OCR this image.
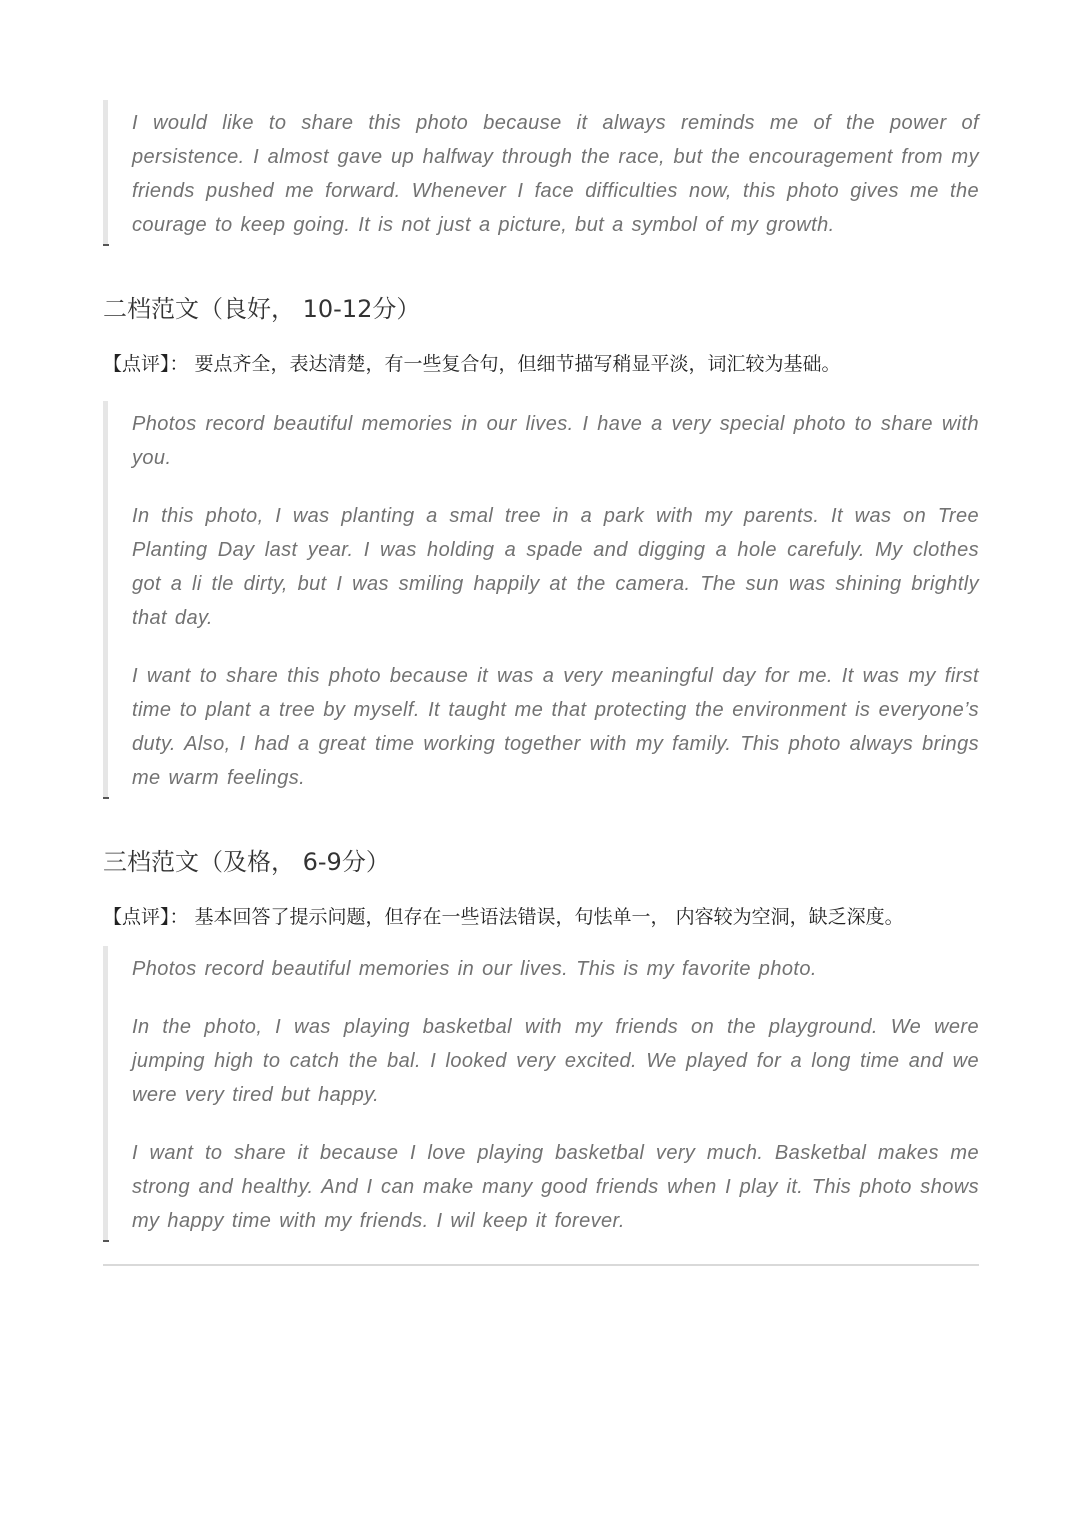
I would like to share this photo because it always reminds me of the power of persistence. I almost gave up halfway through the race, but the encouragement from my friends pushed me forward. Whenever I face difficulties now, this photo gives me the courage to keep going. It is not just a picture, but a symbol of my growth.

二档范文（良好， 10-12分）

【点评】： 要点齐全，表达清楚，有一些复合句，但细节描写稍显平淡，词汇较为基础。

Photos record beautiful memories in our lives. I have a very special photo to share with you.

In this photo, I was planting a smal tree in a park with my parents. It was on Tree Planting Day last year. I was holding a spade and digging a hole carefuly. My clothes got a li tle dirty, but I was smiling happily at the camera. The sun was shining brightly that day.

I want to share this photo because it was a very meaningful day for me. It was my first time to plant a tree by myself. It taught me that protecting the environment is everyone’s duty. Also, I had a great time working together with my family. This photo always brings me warm feelings.

三档范文（及格， 6-9分）

【点评】： 基本回答了提示问题，但存在一些语法错误，句怯单一， 内容较为空洞，缺乏深度。

Photos record beautiful memories in our lives. This is my favorite photo.

In the photo, I was playing basketbal with my friends on the playground. We were jumping high to catch the bal. I looked very excited. We played for a long time and we were very tired but happy.

I want to share it because I love playing basketbal very much. Basketbal makes me strong and healthy. And I can make many good friends when I play it. This photo shows my happy time with my friends. I wil keep it forever.
